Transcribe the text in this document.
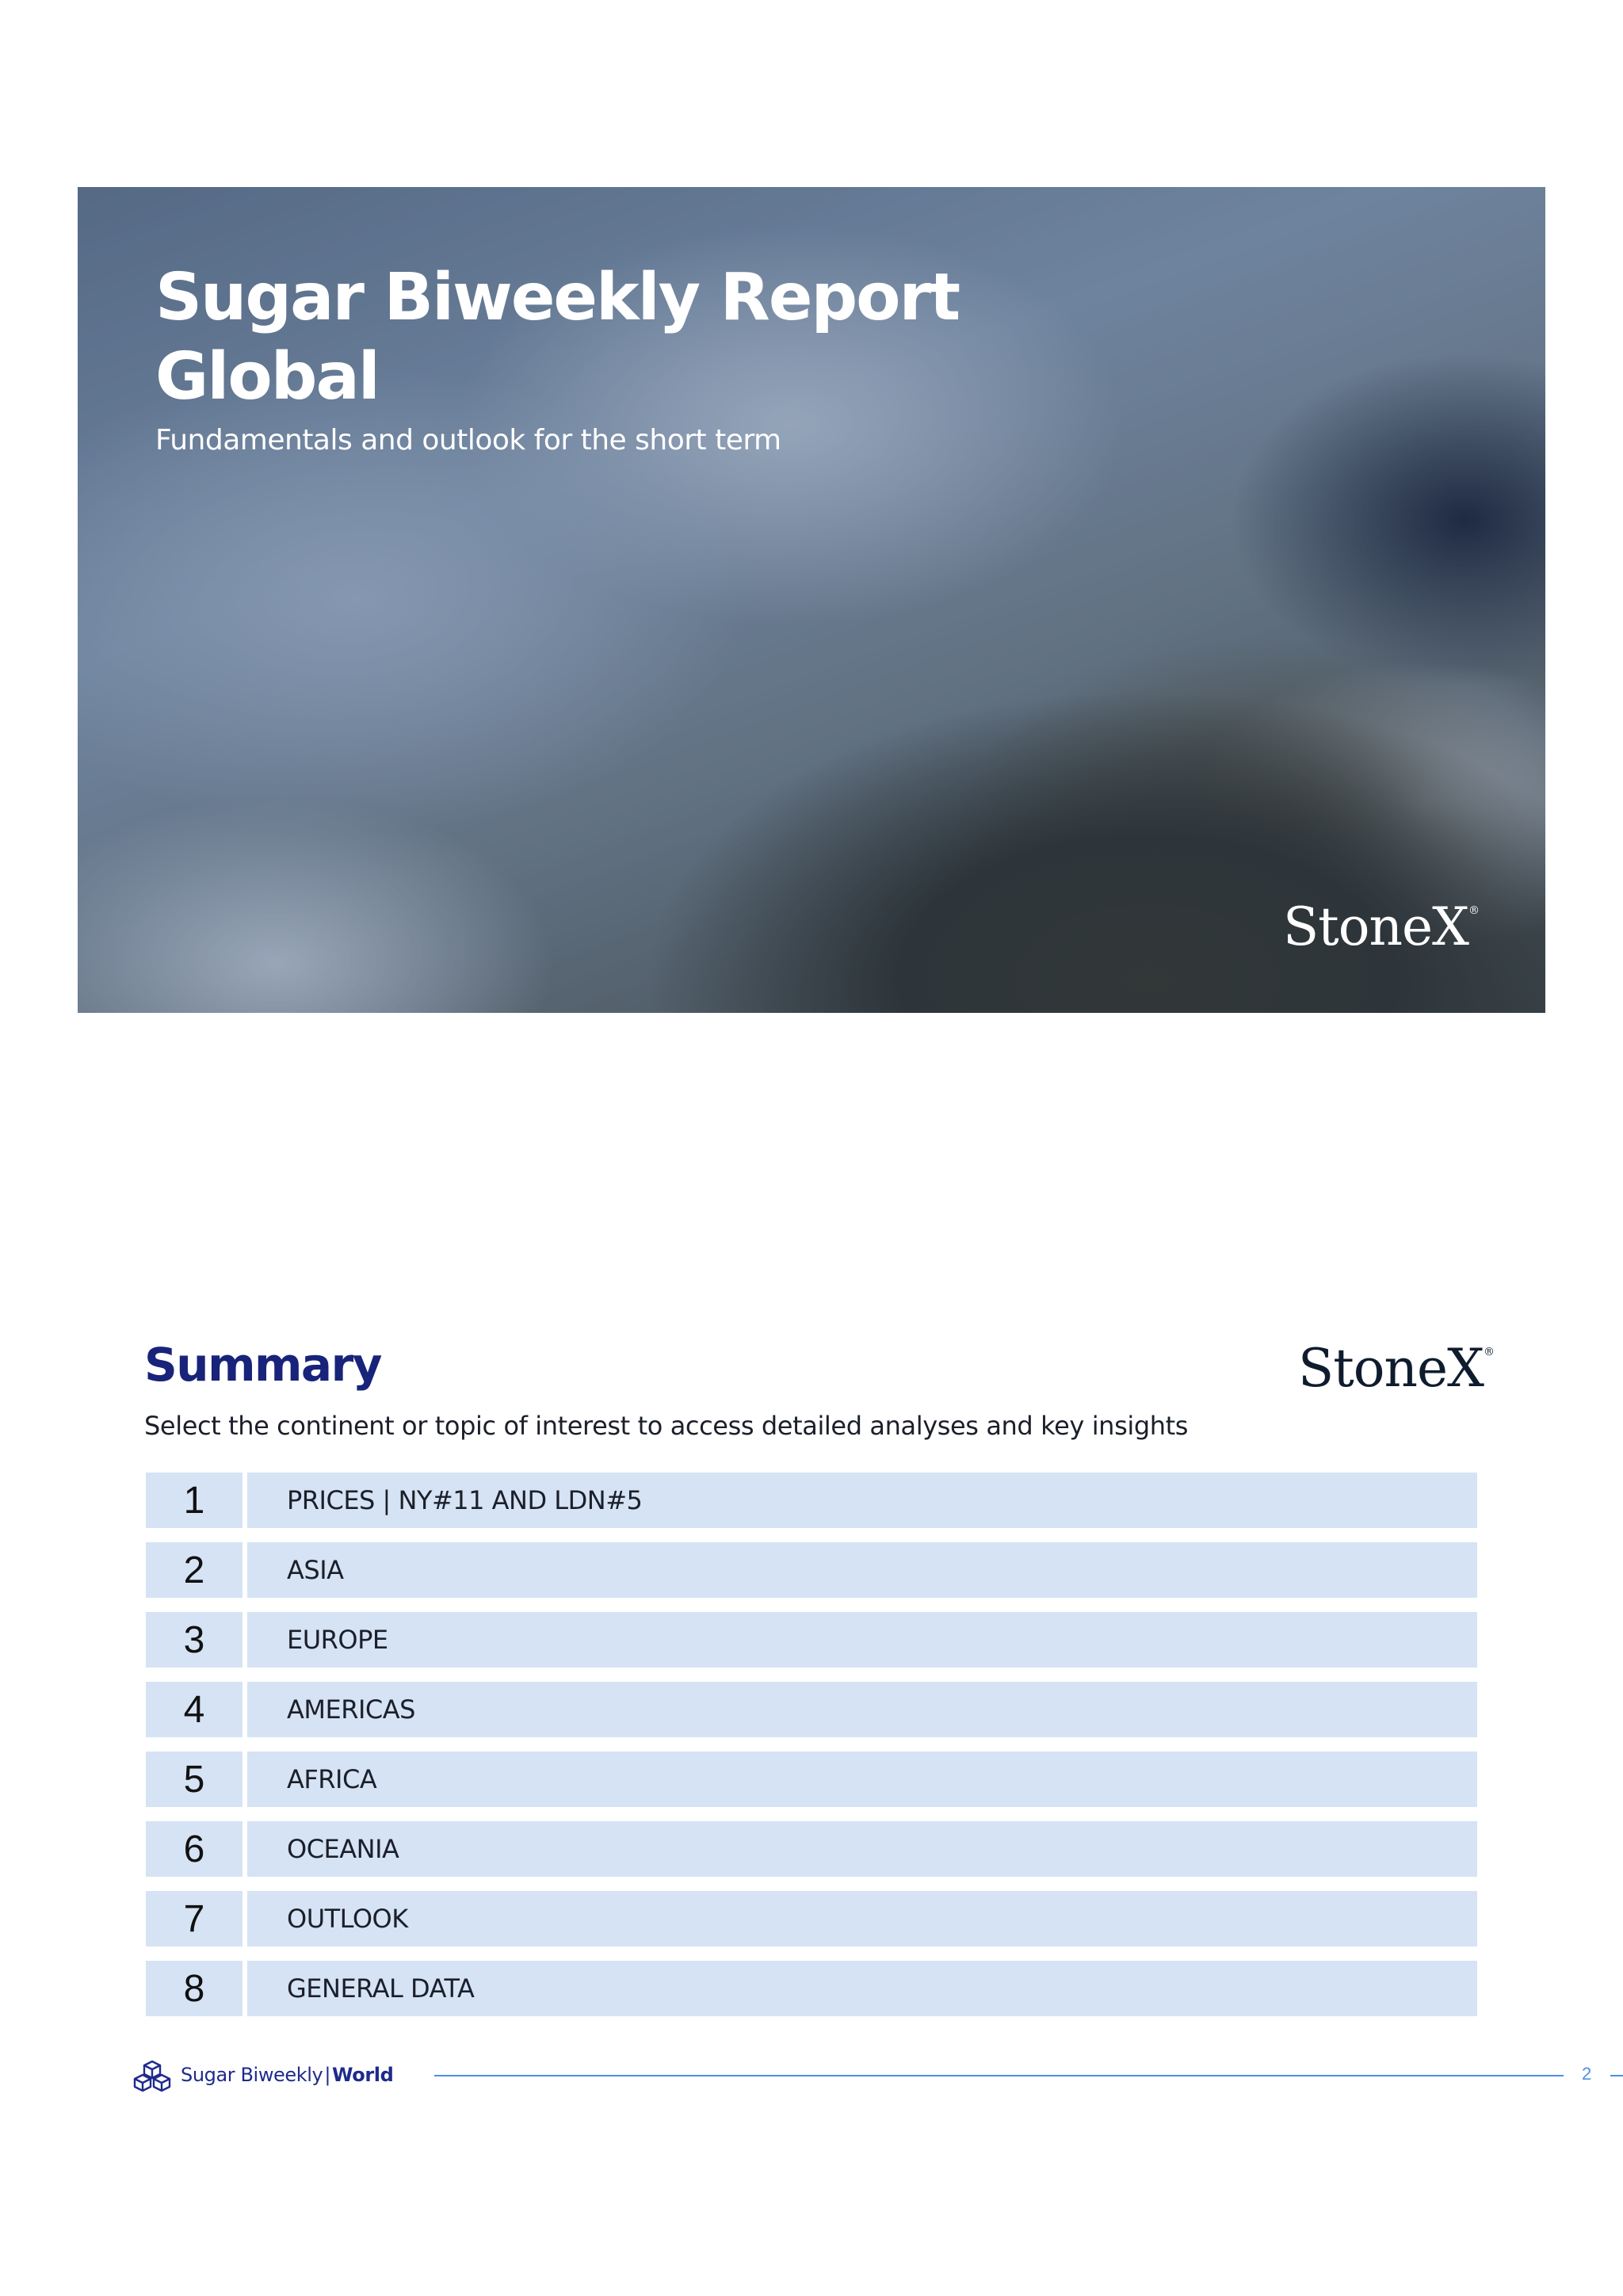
Sugar Biweekly Report
Global
Fundamentals and outlook for the short term
StoneX®
Summary	StoneX®
Select the continent or topic of interest to access detailed analyses and key insights
1	PRICES | NY#11 AND LDN#5
2	ASIA
3	EUROPE
4	AMERICAS
5	AFRICA
6	OCEANIA
7	OUTLOOK
8	GENERAL DATA
Sugar Biweekly|World	2
